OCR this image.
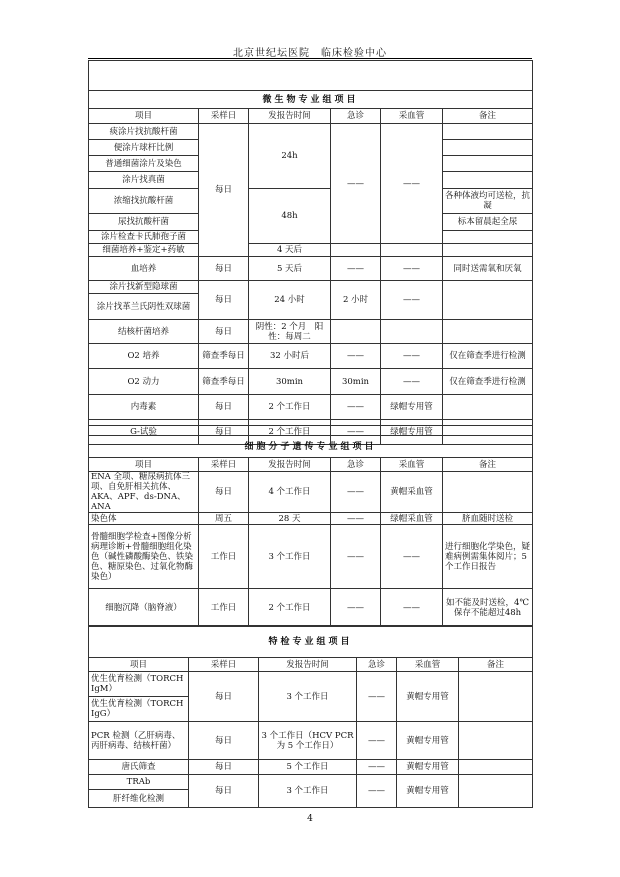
北京世纪坛医院　临床检验中心

微生物专业组项目					
项目	采样日	发报告时间	急诊	采血管	备注
痰涂片找抗酸杆菌	每日	24h	——	——	
便涂片球杆比例					
普通细菌涂片及染色					
涂片找真菌					
浓缩找抗酸杆菌		48h			各种体液均可送检，抗凝
尿找抗酸杆菌					标本留晨起全尿
涂片检查卡氏肺孢子菌					
细菌培养+鉴定+药敏		4 天后			
血培养	每日	5 天后	——	——	同时送需氧和厌氧
涂片找新型隐球菌	每日	24 小时	2 小时	——	
涂片找革兰氏阴性双球菌					
结核杆菌培养	每日	阴性：2 个月　阳性：每周二			
O2 培养	筛查季每日	32 小时后	——	——	仅在筛查季进行检测
O2 动力	筛查季每日	30min	30min	——	仅在筛查季进行检测
内毒素	每日	2 个工作日	——	绿帽专用管	
G-试验	每日	2 个工作日	——	绿帽专用管	

细胞分子遗传专业组项目					
项目	采样日	发报告时间	急诊	采血管	备注
ENA 全项、糖尿病抗体三项、自免肝相关抗体、AKA、APF、ds-DNA、ANA	每日	4 个工作日	——	黄帽采血管	
染色体	周五	28 天	——	绿帽采血管	脐血随时送检
骨髓细胞学检查+图像分析病理诊断+骨髓细胞组化染色（碱性磷酸酶染色、铁染色、糖原染色、过氧化物酶染色）	工作日	3 个工作日	——	——	进行细胞化学染色，疑难病例需集体阅片；5 个工作日报告
细胞沉降（脑脊液）	工作日	2 个工作日	——	——	如不能及时送检，4℃保存不能超过48h
特检专业组项目					
项目	采样日	发报告时间	急诊	采血管	备注
优生优育检测（TORCH IgM）	每日	3 个工作日	——	黄帽专用管	
优生优育检测（TORCH IgG）					
PCR 检测（乙肝病毒、丙肝病毒、结核杆菌）	每日	3 个工作日（HCV PCR 为 5 个工作日）	——	黄帽专用管	
唐氏筛查	每日	5 个工作日	——	黄帽专用管	
TRAb	每日	3 个工作日	——	黄帽专用管	
肝纤维化检测					
4
